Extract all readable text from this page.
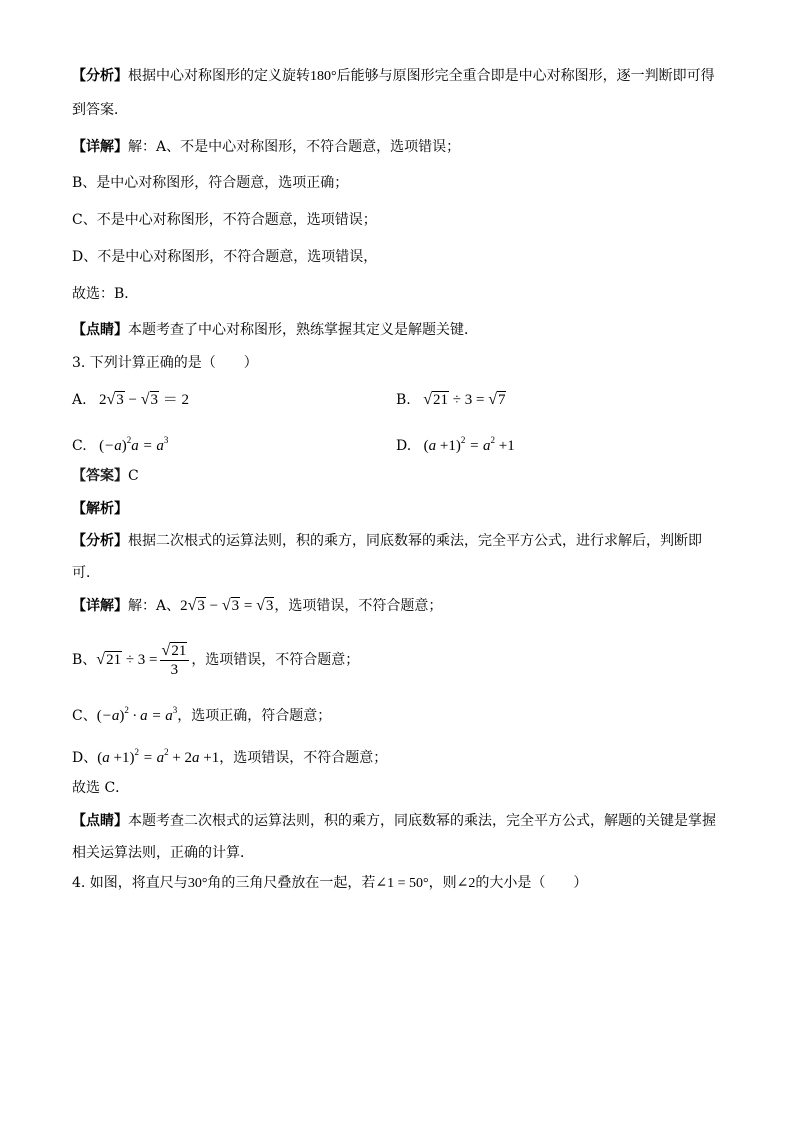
【分析】根据中心对称图形的定义旋转180°后能够与原图形完全重合即是中心对称图形，逐一判断即可得
到答案．
【详解】解：A、不是中心对称图形，不符合题意，选项错误；
B、是中心对称图形，符合题意，选项正确；
C、不是中心对称图形，不符合题意，选项错误；
D、不是中心对称图形，不符合题意，选项错误，
故选：B．
【点睛】本题考查了中心对称图形，熟练掌握其定义是解题关键．
3. 下列计算正确的是（　　）
A. 2√3 − √3 ＝ 2	B. √21 ÷ 3 = √7
C. $(-a)^2a = a^3$	D. $(a +1)^2 = a^2 +1$
【答案】C
【解析】
【分析】根据二次根式的运算法则，积的乘方，同底数幂的乘法，完全平方公式，进行求解后，判断即
可．
【详解】解：A、2√3 − √3 = √3，选项错误，不符合题意；
B、$√21 \div 3 = \frac{√21}{3}$ ，选项错误，不符合题意；
C、$(-a)^2 \cdot a = a^3$，选项正确，符合题意；
D、$(a +1)^2 = a^2 + 2a +1$，选项错误，不符合题意；
故选 C．
【点睛】本题考查二次根式的运算法则，积的乘方，同底数幂的乘法，完全平方公式，解题的关键是掌握
相关运算法则，正确的计算．
4. 如图，将直尺与30°角的三角尺叠放在一起，若∠1 = 50°，则∠2的大小是（　　）
